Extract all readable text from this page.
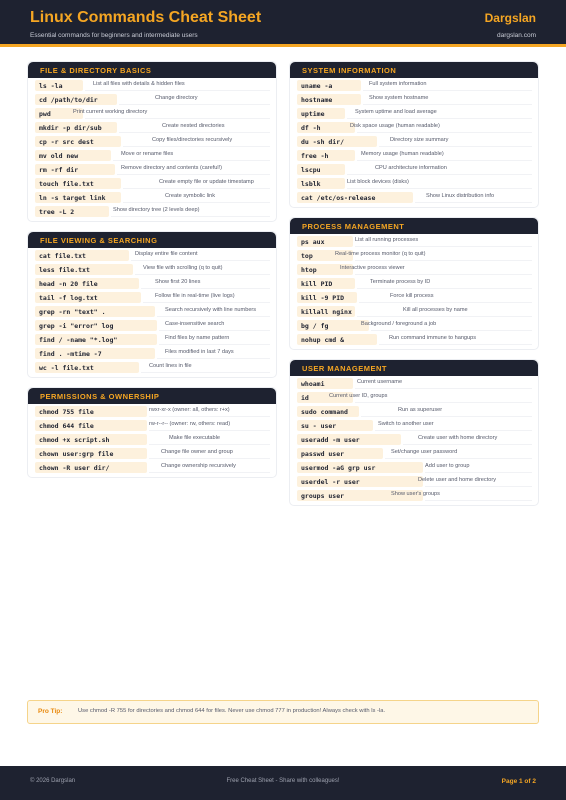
Linux Commands Cheat Sheet
Essential commands for beginners and intermediate users
Dargslan
dargslan.com
FILE & DIRECTORY BASICS
ls -la	List all files with details & hidden files
cd /path/to/dir	Change directory
pwd	Print current working directory
mkdir -p dir/sub	Create nested directories
cp -r src dest	Copy files/directories recursively
mv old new	Move or rename files
rm -rf dir	Remove directory and contents (careful!)
touch file.txt	Create empty file or update timestamp
ln -s target link	Create symbolic link
tree -L 2	Show directory tree (2 levels deep)
FILE VIEWING & SEARCHING
cat file.txt	Display entire file content
less file.txt	View file with scrolling (q to quit)
head -n 20 file	Show first 20 lines
tail -f log.txt	Follow file in real-time (live logs)
grep -rn "text" .	Search recursively with line numbers
grep -i "error" log	Case-insensitive search
find / -name "*.log"	Find files by name pattern
find . -mtime -7	Files modified in last 7 days
wc -l file.txt	Count lines in file
PERMISSIONS & OWNERSHIP
chmod 755 file	rwxr-xr-x (owner: all, others: r+x)
chmod 644 file	rw-r--r-- (owner: rw, others: read)
chmod +x script.sh	Make file executable
chown user:grp file	Change file owner and group
chown -R user dir/	Change ownership recursively
SYSTEM INFORMATION
uname -a	Full system information
hostname	Show system hostname
uptime	System uptime and load average
df -h	Disk space usage (human readable)
du -sh dir/	Directory size summary
free -h	Memory usage (human readable)
lscpu	CPU architecture information
lsblk	List block devices (disks)
cat /etc/os-release	Show Linux distribution info
PROCESS MANAGEMENT
ps aux	List all running processes
top	Real-time process monitor (q to quit)
htop	Interactive process viewer
kill PID	Terminate process by ID
kill -9 PID	Force kill process
killall nginx	Kill all processes by name
bg / fg	Background / foreground a job
nohup cmd &	Run command immune to hangups
USER MANAGEMENT
whoami	Current username
id	Current user ID, groups
sudo command	Run as superuser
su - user	Switch to another user
useradd -m user	Create user with home directory
passwd user	Set/change user password
usermod -aG grp usr	Add user to group
userdel -r user	Delete user and home directory
groups user	Show user's groups
Pro Tip:	Use chmod -R 755 for directories and chmod 644 for files. Never use chmod 777 in production! Always check with ls -la.
© 2026 Dargslan	Free Cheat Sheet - Share with colleagues!	Page 1 of 2
